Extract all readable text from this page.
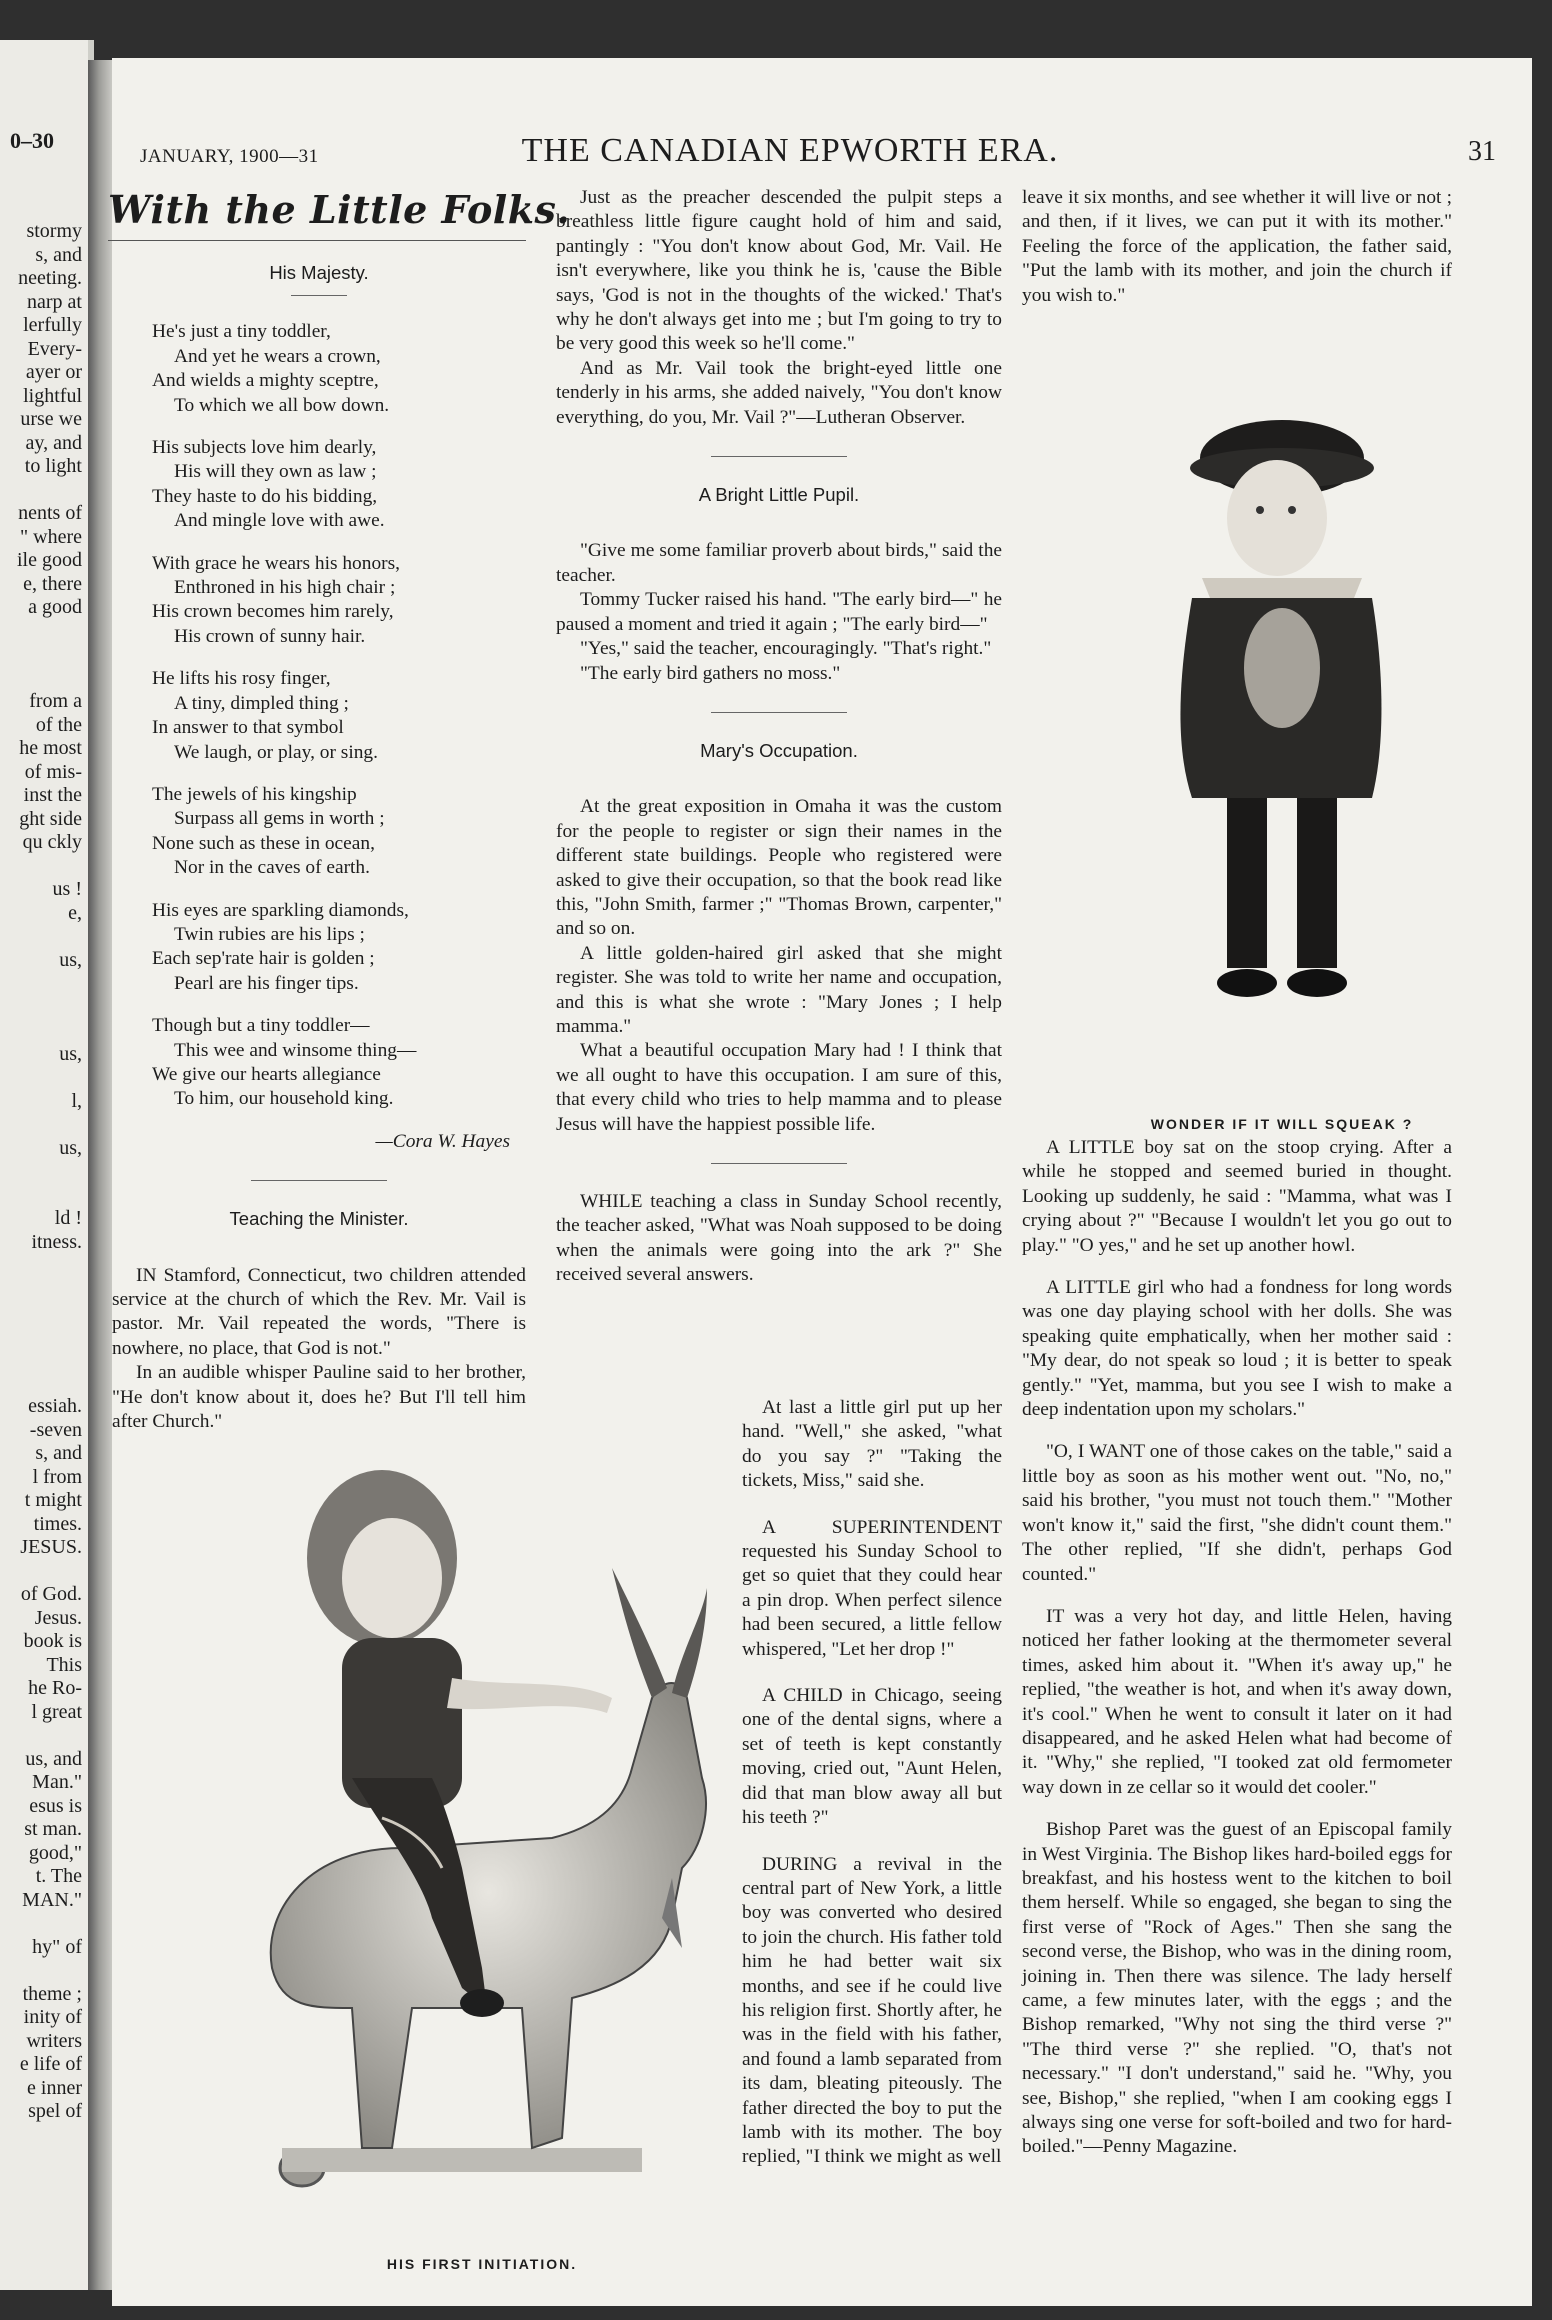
0–30
stormy
s, and
neeting.
narp at
lerfully
Every-
ayer or
lightful
urse we
ay, and
to light
nents of
" where
ile good
e, there
a good
from a
of the
he most
of mis-
inst the
ght side
qu ckly
us !
e,
us,
us,
l,
us,
ld !
itness.
essiah.
-seven
s, and
l from
t might
times.
JESUS.
of God.
Jesus.
book is
This
he Ro-
l great
us, and
Man."
esus is
st man.
good,"
t. The
MAN."
hy" of
theme ;
inity of
writers
e life of
e inner
spel of
JANUARY, 1900—31	THE CANADIAN EPWORTH ERA.	31
With the Little Folks.
His Majesty.
He's just a tiny toddler,
And yet he wears a crown,
And wields a mighty sceptre,
To which we all bow down.
His subjects love him dearly,
His will they own as law ;
They haste to do his bidding,
And mingle love with awe.
With grace he wears his honors,
Enthroned in his high chair ;
His crown becomes him rarely,
His crown of sunny hair.
He lifts his rosy finger,
A tiny, dimpled thing ;
In answer to that symbol
We laugh, or play, or sing.
The jewels of his kingship
Surpass all gems in worth ;
None such as these in ocean,
Nor in the caves of earth.
His eyes are sparkling diamonds,
Twin rubies are his lips ;
Each sep'rate hair is golden ;
Pearl are his finger tips.
Though but a tiny toddler—
This wee and winsome thing—
We give our hearts allegiance
To him, our household king.
—Cora W. Hayes
Teaching the Minister.

IN Stamford, Connecticut, two children attended service at the church of which the Rev. Mr. Vail is pastor. Mr. Vail repeated the words, "There is nowhere, no place, that God is not."

In an audible whisper Pauline said to her brother, "He don't know about it, does he? But I'll tell him after Church."

HIS FIRST INITIATION.

Just as the preacher descended the pulpit steps a breathless little figure caught hold of him and said, pantingly : "You don't know about God, Mr. Vail. He isn't everywhere, like you think he is, 'cause the Bible says, 'God is not in the thoughts of the wicked.' That's why he don't always get into me ; but I'm going to try to be very good this week so he'll come."

And as Mr. Vail took the bright-eyed little one tenderly in his arms, she added naively, "You don't know everything, do you, Mr. Vail ?"—Lutheran Observer.

A Bright Little Pupil.

"Give me some familiar proverb about birds," said the teacher.

Tommy Tucker raised his hand. "The early bird—" he paused a moment and tried it again ; "The early bird—"

"Yes," said the teacher, encouragingly. "That's right."

"The early bird gathers no moss."

Mary's Occupation.

At the great exposition in Omaha it was the custom for the people to register or sign their names in the different state buildings. People who registered were asked to give their occupation, so that the book read like this, "John Smith, farmer ;" "Thomas Brown, carpenter," and so on.

A little golden-haired girl asked that she might register. She was told to write her name and occupation, and this is what she wrote : "Mary Jones ; I help mamma."

What a beautiful occupation Mary had ! I think that we all ought to have this occupation. I am sure of this, that every child who tries to help mamma and to please Jesus will have the happiest possible life.

WHILE teaching a class in Sunday School recently, the teacher asked, "What was Noah supposed to be doing when the animals were going into the ark ?" She received several answers.

At last a little girl put up her hand. "Well," she asked, "what do you say ?" "Taking the tickets, Miss," said she.

A SUPERINTENDENT requested his Sunday School to get so quiet that they could hear a pin drop. When perfect silence had been secured, a little fellow whispered, "Let her drop !"

A CHILD in Chicago, seeing one of the dental signs, where a set of teeth is kept constantly moving, cried out, "Aunt Helen, did that man blow away all but his teeth ?"

DURING a revival in the central part of New York, a little boy was converted who desired to join the church. His father told him he had better wait six months, and see if he could live his religion first. Shortly after, he was in the field with his father, and found a lamb separated from its dam, bleating piteously. The father directed the boy to put the lamb with its mother. The boy replied, "I think we might as well

leave it six months, and see whether it will live or not ; and then, if it lives, we can put it with its mother." Feeling the force of the application, the father said, "Put the lamb with its mother, and join the church if you wish to."

WONDER IF IT WILL SQUEAK ?

A LITTLE boy sat on the stoop crying. After a while he stopped and seemed buried in thought. Looking up suddenly, he said : "Mamma, what was I crying about ?" "Because I wouldn't let you go out to play." "O yes," and he set up another howl.

A LITTLE girl who had a fondness for long words was one day playing school with her dolls. She was speaking quite emphatically, when her mother said : "My dear, do not speak so loud ; it is better to speak gently." "Yet, mamma, but you see I wish to make a deep indentation upon my scholars."

"O, I WANT one of those cakes on the table," said a little boy as soon as his mother went out. "No, no," said his brother, "you must not touch them." "Mother won't know it," said the first, "she didn't count them." The other replied, "If she didn't, perhaps God counted."

IT was a very hot day, and little Helen, having noticed her father looking at the thermometer several times, asked him about it. "When it's away up," he replied, "the weather is hot, and when it's away down, it's cool." When he went to consult it later on it had disappeared, and he asked Helen what had become of it. "Why," she replied, "I tooked zat old fermometer way down in ze cellar so it would det cooler."

Bishop Paret was the guest of an Episcopal family in West Virginia. The Bishop likes hard-boiled eggs for breakfast, and his hostess went to the kitchen to boil them herself. While so engaged, she began to sing the first verse of "Rock of Ages." Then she sang the second verse, the Bishop, who was in the dining room, joining in. Then there was silence. The lady herself came, a few minutes later, with the eggs ; and the Bishop remarked, "Why not sing the third verse ?" "The third verse ?" she replied. "O, that's not necessary." "I don't understand," said he. "Why, you see, Bishop," she replied, "when I am cooking eggs I always sing one verse for soft-boiled and two for hard-boiled."—Penny Magazine.
